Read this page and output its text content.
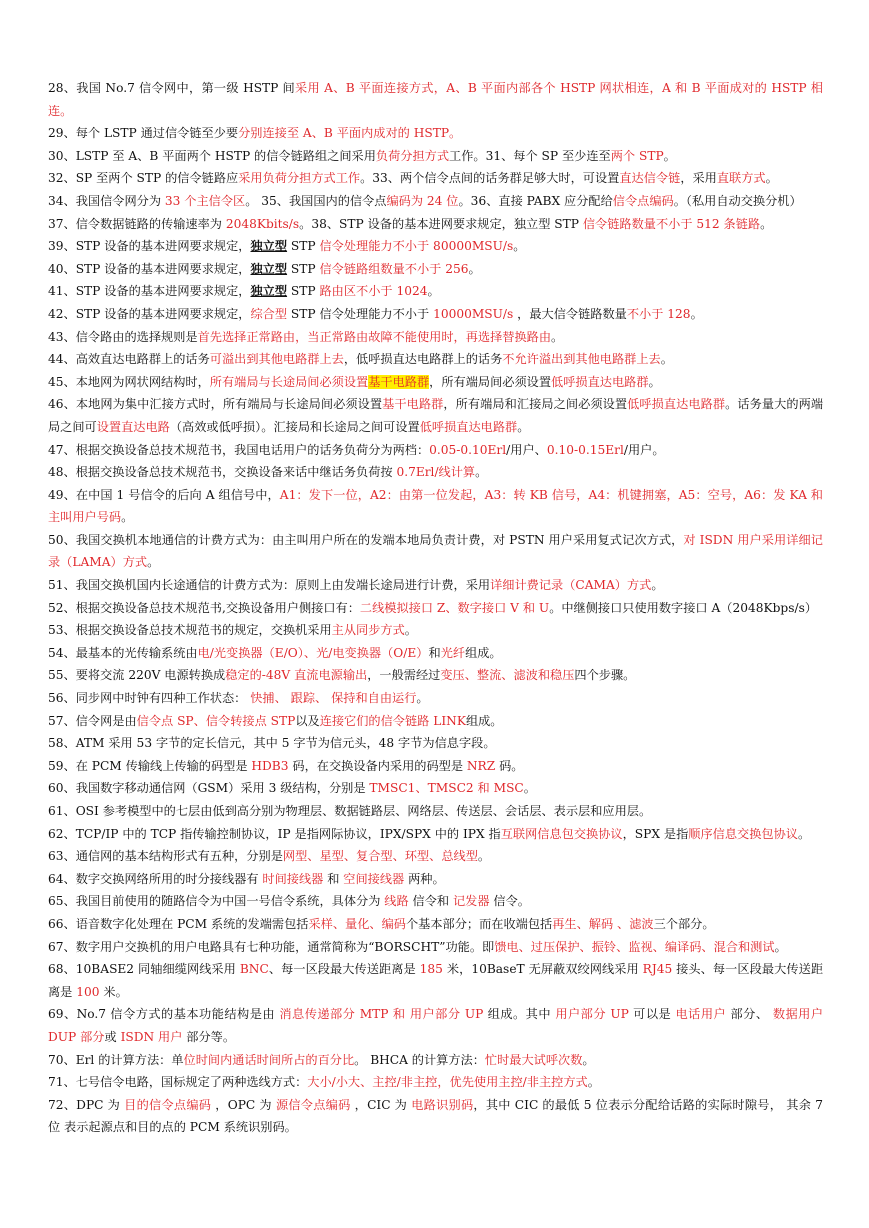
28、我国 No.7 信令网中，第一级 HSTP 间采用 A、B 平面连接方式，A、B 平面内部各个 HSTP 网状相连，A 和 B 平面成对的 HSTP 相连。
29、每个 LSTP 通过信令链至少要分别连接至 A、B 平面内成对的 HSTP。
30、LSTP 至 A、B 平面两个 HSTP 的信令链路组之间采用负荷分担方式工作。31、每个 SP 至少连至两个 STP。
32、SP 至两个 STP 的信令链路应采用负荷分担方式工作。33、两个信令点间的话务群足够大时，可设置直达信令链，采用直联方式。
34、我国信令网分为 33 个主信令区。 35、我国国内的信令点编码为 24 位。36、直接 PABX 应分配给信令点编码。（私用自动交换分机）
37、信令数据链路的传输速率为 2048Kbits/s。38、STP 设备的基本进网要求规定，独立型 STP 信令链路数量不小于 512 条链路。
39、STP 设备的基本进网要求规定，独立型 STP 信令处理能力不小于 80000MSU/s。
40、STP 设备的基本进网要求规定，独立型 STP 信令链路组数量不小于 256。
41、STP 设备的基本进网要求规定，独立型 STP 路由区不小于 1024。
42、STP 设备的基本进网要求规定，综合型 STP 信令处理能力不小于 10000MSU/s ，最大信令链路数量不小于 128。
43、信令路由的选择规则是首先选择正常路由，当正常路由故障不能使用时，再选择替换路由。
44、高效直达电路群上的话务可溢出到其他电路群上去，低呼损直达电路群上的话务不允许溢出到其他电路群上去。
45、本地网为网状网结构时，所有端局与长途局间必须设置基干电路群，所有端局间必须设置低呼损直达电路群。
46、本地网为集中汇接方式时，所有端局与长途局间必须设置基干电路群，所有端局和汇接局之间必须设置低呼损直达电路群。话务量大的两端局之间可设置直达电路（高效或低呼损）。汇接局和长途局之间可设置低呼损直达电路群。
47、根据交换设备总技术规范书，我国电话用户的话务负荷分为两档：0.05-0.10Erl/用户、0.10-0.15Erl/用户。
48、根据交换设备总技术规范书，交换设备来话中继话务负荷按 0.7Erl/线计算。
49、在中国 1 号信令的后向 A 组信号中，A1：发下一位，A2：由第一位发起，A3：转 KB 信号，A4：机键拥塞，A5：空号，A6：发 KA 和主叫用户号码。
50、我国交换机本地通信的计费方式为：由主叫用户所在的发端本地局负责计费，对 PSTN 用户采用复式记次方式，对 ISDN 用户采用详细记录（LAMA）方式。
51、我国交换机国内长途通信的计费方式为：原则上由发端长途局进行计费，采用详细计费记录（CAMA）方式。
52、根据交换设备总技术规范书,交换设备用户侧接口有：二线模拟接口 Z、数字接口 V 和 U。中继侧接口只使用数字接口 A（2048Kbps/s）
53、根据交换设备总技术规范书的规定，交换机采用主从同步方式。
54、最基本的光传输系统由电/光变换器（E/O）、光/电变换器（O/E）和光纤组成。
55、要将交流 220V 电源转换成稳定的-48V 直流电源输出，一般需经过变压、整流、滤波和稳压四个步骤。
56、同步网中时钟有四种工作状态： 快捕、 跟踪、 保持和自由运行。
57、信令网是由信令点 SP、信令转接点 STP以及连接它们的信令链路 LINK组成。
58、ATM 采用 53 字节的定长信元，其中 5 字节为信元头，48 字节为信息字段。
59、在 PCM 传输线上传输的码型是 HDB3 码，在交换设备内采用的码型是 NRZ 码。
60、我国数字移动通信网（GSM）采用 3 级结构，分别是 TMSC1、TMSC2 和 MSC。
61、OSI 参考模型中的七层由低到高分别为物理层、数据链路层、网络层、传送层、会话层、表示层和应用层。
62、TCP/IP 中的 TCP 指传输控制协议，IP 是指网际协议，IPX/SPX 中的 IPX 指互联网信息包交换协议，SPX 是指顺序信息交换包协议。
63、通信网的基本结构形式有五种，分别是网型、星型、复合型、环型、总线型。
64、数字交换网络所用的时分接线器有 时间接线器 和 空间接线器 两种。
65、我国目前使用的随路信令为中国一号信令系统，具体分为 线路 信令和 记发器 信令。
66、语音数字化处理在 PCM 系统的发端需包括采样、量化、编码个基本部分；而在收端包括再生、解码 、滤波三个部分。
67、数字用户交换机的用户电路具有七种功能，通常简称为“BORSCHT”功能。即馈电、过压保护、振铃、监视、编译码、混合和测试。
68、10BASE2 同轴细缆网线采用 BNC、每一区段最大传送距离是 185 米，10BaseT 无屏蔽双绞网线采用 RJ45 接头、每一区段最大传送距离是 100 米。
69、No.7 信令方式的基本功能结构是由 消息传递部分 MTP 和 用户部分 UP 组成。其中 用户部分 UP 可以是 电话用户 部分、 数据用户 DUP 部分或 ISDN 用户 部分等。
70、Erl 的计算方法：单位时间内通话时间所占的百分比。 BHCA 的计算方法：忙时最大试呼次数。
71、七号信令电路，国标规定了两种选线方式：大小/小大、主控/非主控，优先使用主控/非主控方式。
72、DPC 为 目的信令点编码 ，OPC 为 源信令点编码 ，CIC 为 电路识别码，其中 CIC 的最低 5 位表示分配给话路的实际时隙号， 其余 7 位 表示起源点和目的点的 PCM 系统识别码。
